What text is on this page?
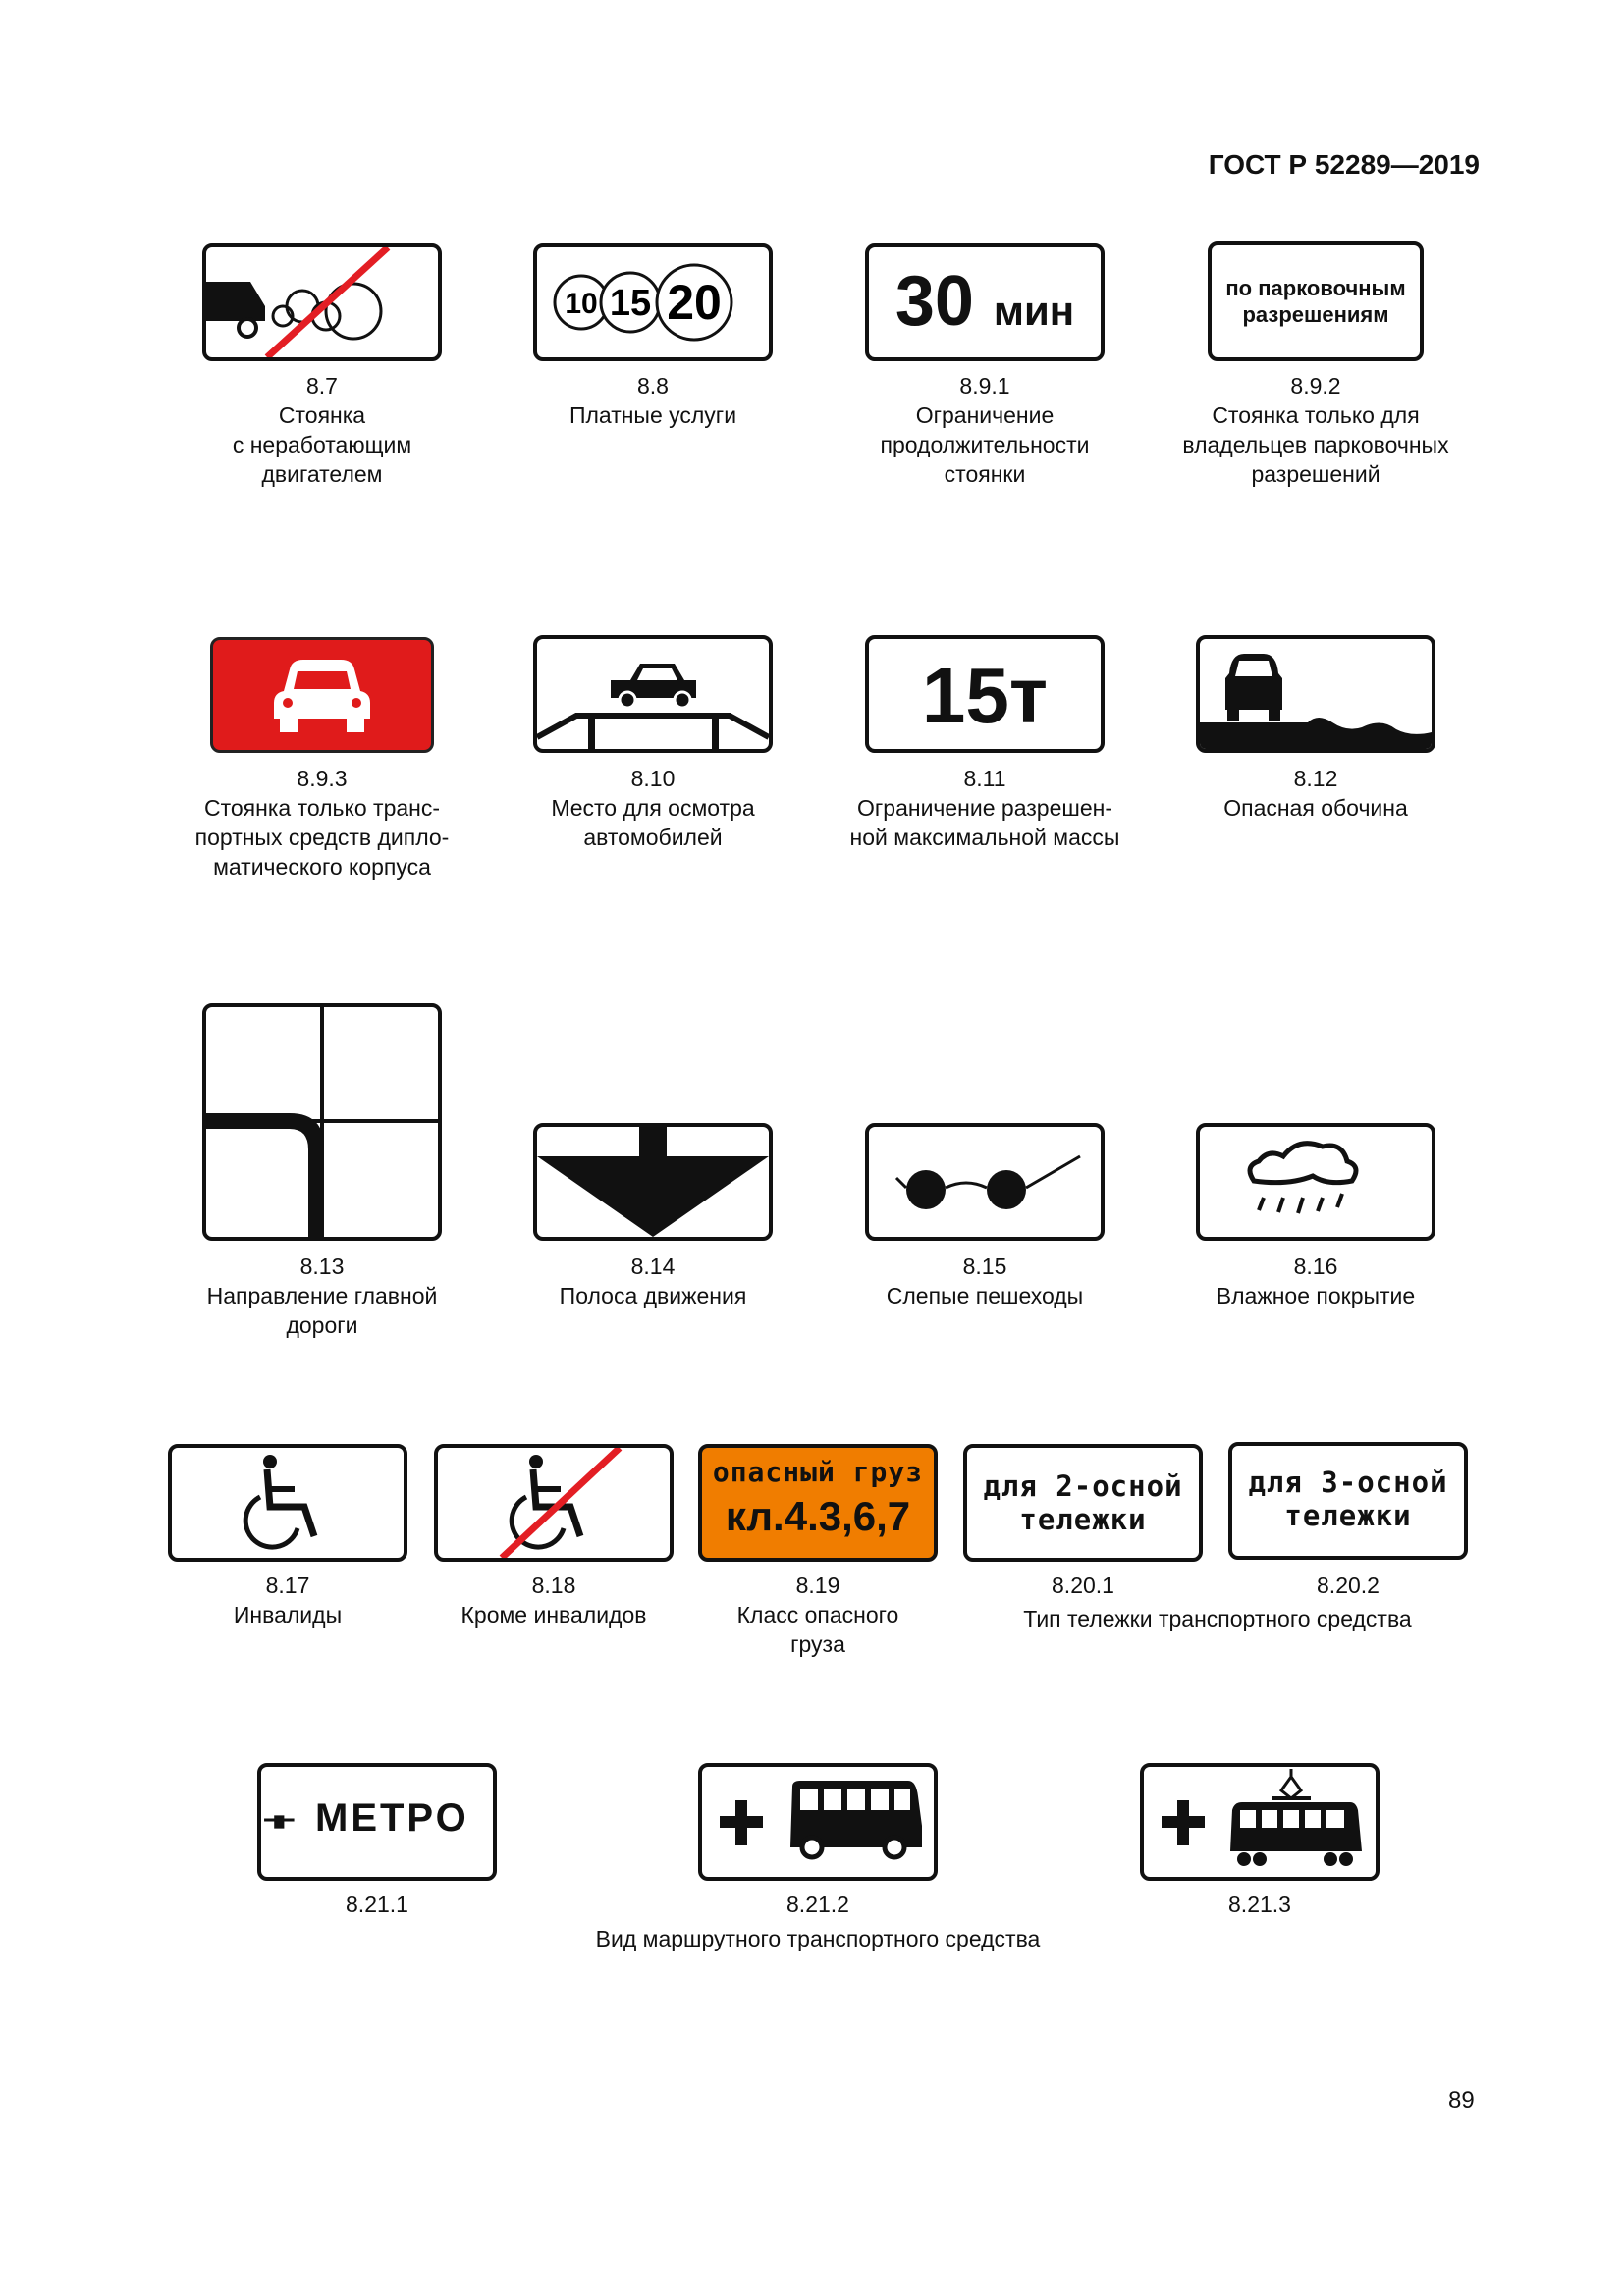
ГОСТ Р 52289—2019
8.7
Стоянка
с неработающим
двигателем
10 15 20
8.8
Платные услуги
30 мин
8.9.1
Ограничение
продолжительности
стоянки
по парковочным
разрешениям
8.9.2
Стоянка только для
владельцев парковочных
разрешений
8.9.3
Стоянка только транс-
портных средств дипло-
матического корпуса
8.10
Место для осмотра
автомобилей
15т
8.11
Ограничение разрешен-
ной максимальной массы
8.12
Опасная обочина
8.13
Направление главной
дороги
8.14
Полоса движения
8.15
Слепые пешеходы
8.16
Влажное покрытие
8.17
Инвалиды
8.18
Кроме инвалидов
опасный груз
кл.4.3,6,7
8.19
Класс опасного
груза
для 2-осной
тележки
8.20.1
для 3-осной
тележки
8.20.2
Тип тележки транспортного средства
МЕТРО
8.21.1	8.21.2
Вид маршрутного транспортного средства
8.21.3
89
